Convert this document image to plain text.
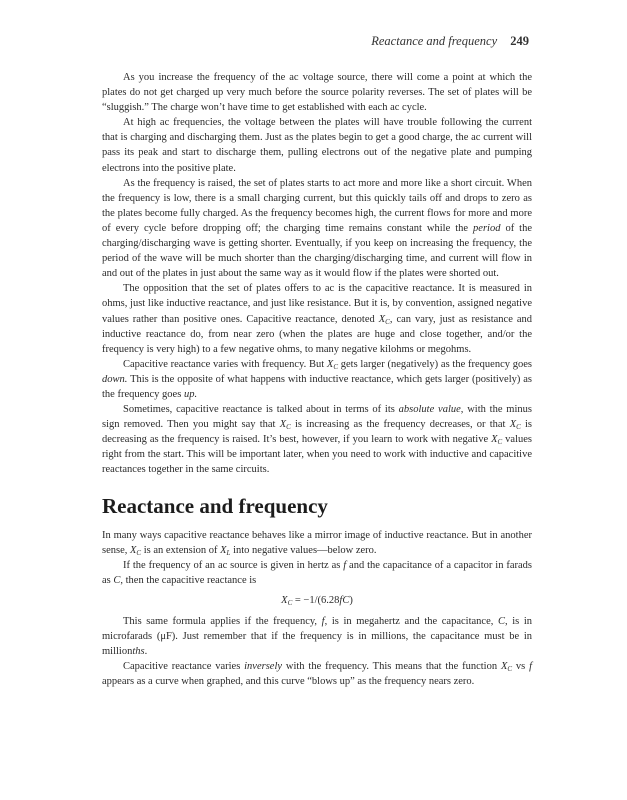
Reactance and frequency 249

As you increase the frequency of the ac voltage source, there will come a point at which the plates do not get charged up very much before the source polarity reverses. The set of plates will be “sluggish.” The charge won’t have time to get established with each ac cycle.

At high ac frequencies, the voltage between the plates will have trouble following the current that is charging and discharging them. Just as the plates begin to get a good charge, the ac current will pass its peak and start to discharge them, pulling electrons out of the negative plate and pumping electrons into the positive plate.

As the frequency is raised, the set of plates starts to act more and more like a short circuit. When the frequency is low, there is a small charging current, but this quickly tails off and drops to zero as the plates become fully charged. As the frequency becomes high, the current flows for more and more of every cycle before dropping off; the charging time remains constant while the period of the charging/discharging wave is getting shorter. Eventually, if you keep on increasing the frequency, the period of the wave will be much shorter than the charging/discharging time, and current will flow in and out of the plates in just about the same way as it would flow if the plates were shorted out.

The opposition that the set of plates offers to ac is the capacitive reactance. It is measured in ohms, just like inductive reactance, and just like resistance. But it is, by convention, assigned negative values rather than positive ones. Capacitive reactance, denoted $X_C$, can vary, just as resistance and inductive reactance do, from near zero (when the plates are huge and close together, and/or the frequency is very high) to a few negative ohms, to many negative kilohms or megohms.

Capacitive reactance varies with frequency. But $X_C$ gets larger (negatively) as the frequency goes down. This is the opposite of what happens with inductive reactance, which gets larger (positively) as the frequency goes up.

Sometimes, capacitive reactance is talked about in terms of its absolute value, with the minus sign removed. Then you might say that $X_C$ is increasing as the frequency decreases, or that $X_C$ is decreasing as the frequency is raised. It’s best, however, if you learn to work with negative $X_C$ values right from the start. This will be important later, when you need to work with inductive and capacitive reactances together in the same circuits.

Reactance and frequency

In many ways capacitive reactance behaves like a mirror image of inductive reactance. But in another sense, $X_C$ is an extension of $X_L$ into negative values—below zero.

If the frequency of an ac source is given in hertz as f and the capacitance of a capacitor in farads as C, then the capacitive reactance is

$X_C = -1/(6.28fC)$

This same formula applies if the frequency, f, is in megahertz and the capacitance, C, is in microfarads (μF). Just remember that if the frequency is in millions, the capacitance must be in millionths.

Capacitive reactance varies inversely with the frequency. This means that the function $X_C$ vs f appears as a curve when graphed, and this curve “blows up” as the frequency nears zero.
